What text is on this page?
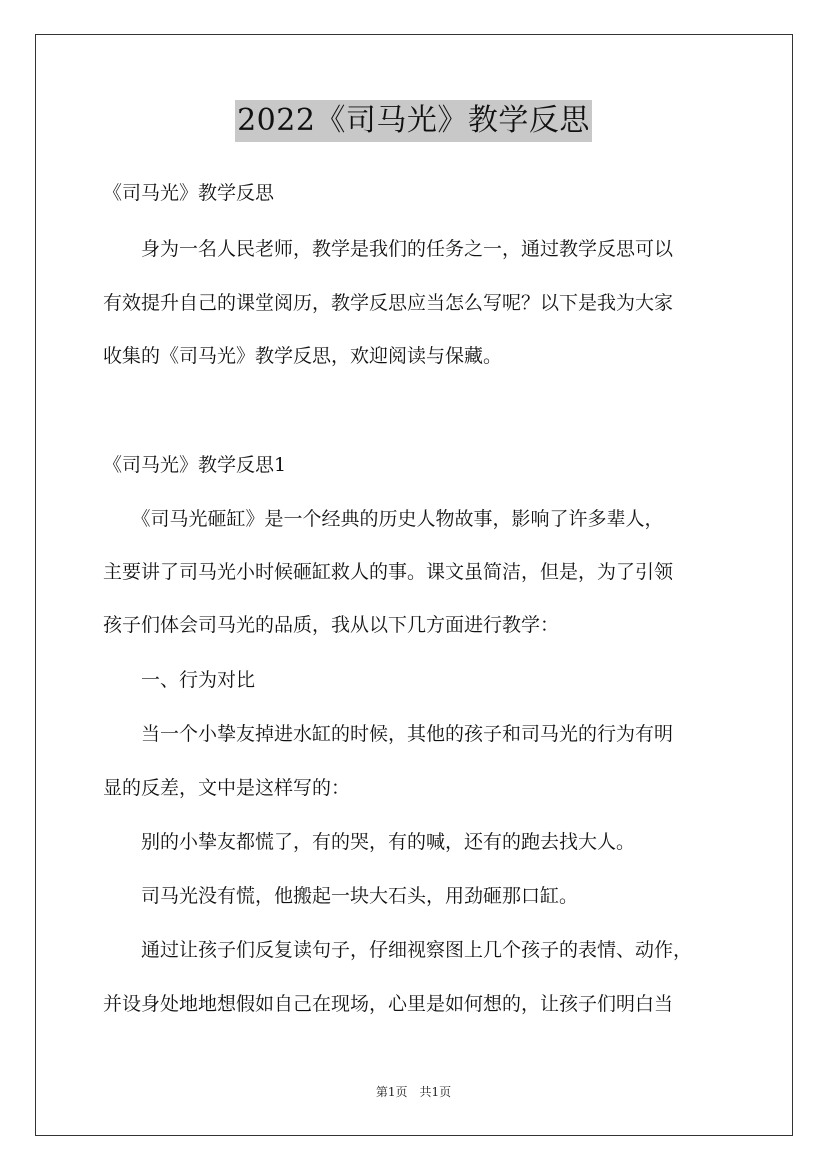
2022《司马光》教学反思

《司马光》教学反思

　　身为一名人民老师，教学是我们的任务之一，通过教学反思可以

有效提升自己的课堂阅历，教学反思应当怎么写呢？以下是我为大家

收集的《司马光》教学反思，欢迎阅读与保藏。

《司马光》教学反思1

　　《司马光砸缸》是一个经典的历史人物故事，影响了许多辈人，

主要讲了司马光小时候砸缸救人的事。课文虽简洁，但是，为了引领

孩子们体会司马光的品质，我从以下几方面进行教学：

　　一、行为对比

　　当一个小挚友掉进水缸的时候，其他的孩子和司马光的行为有明

显的反差，文中是这样写的：

　　别的小挚友都慌了，有的哭，有的喊，还有的跑去找大人。

　　司马光没有慌，他搬起一块大石头，用劲砸那口缸。

　　通过让孩子们反复读句子，仔细视察图上几个孩子的表情、动作，

并设身处地地想假如自己在现场，心里是如何想的，让孩子们明白当

第1页　共1页
